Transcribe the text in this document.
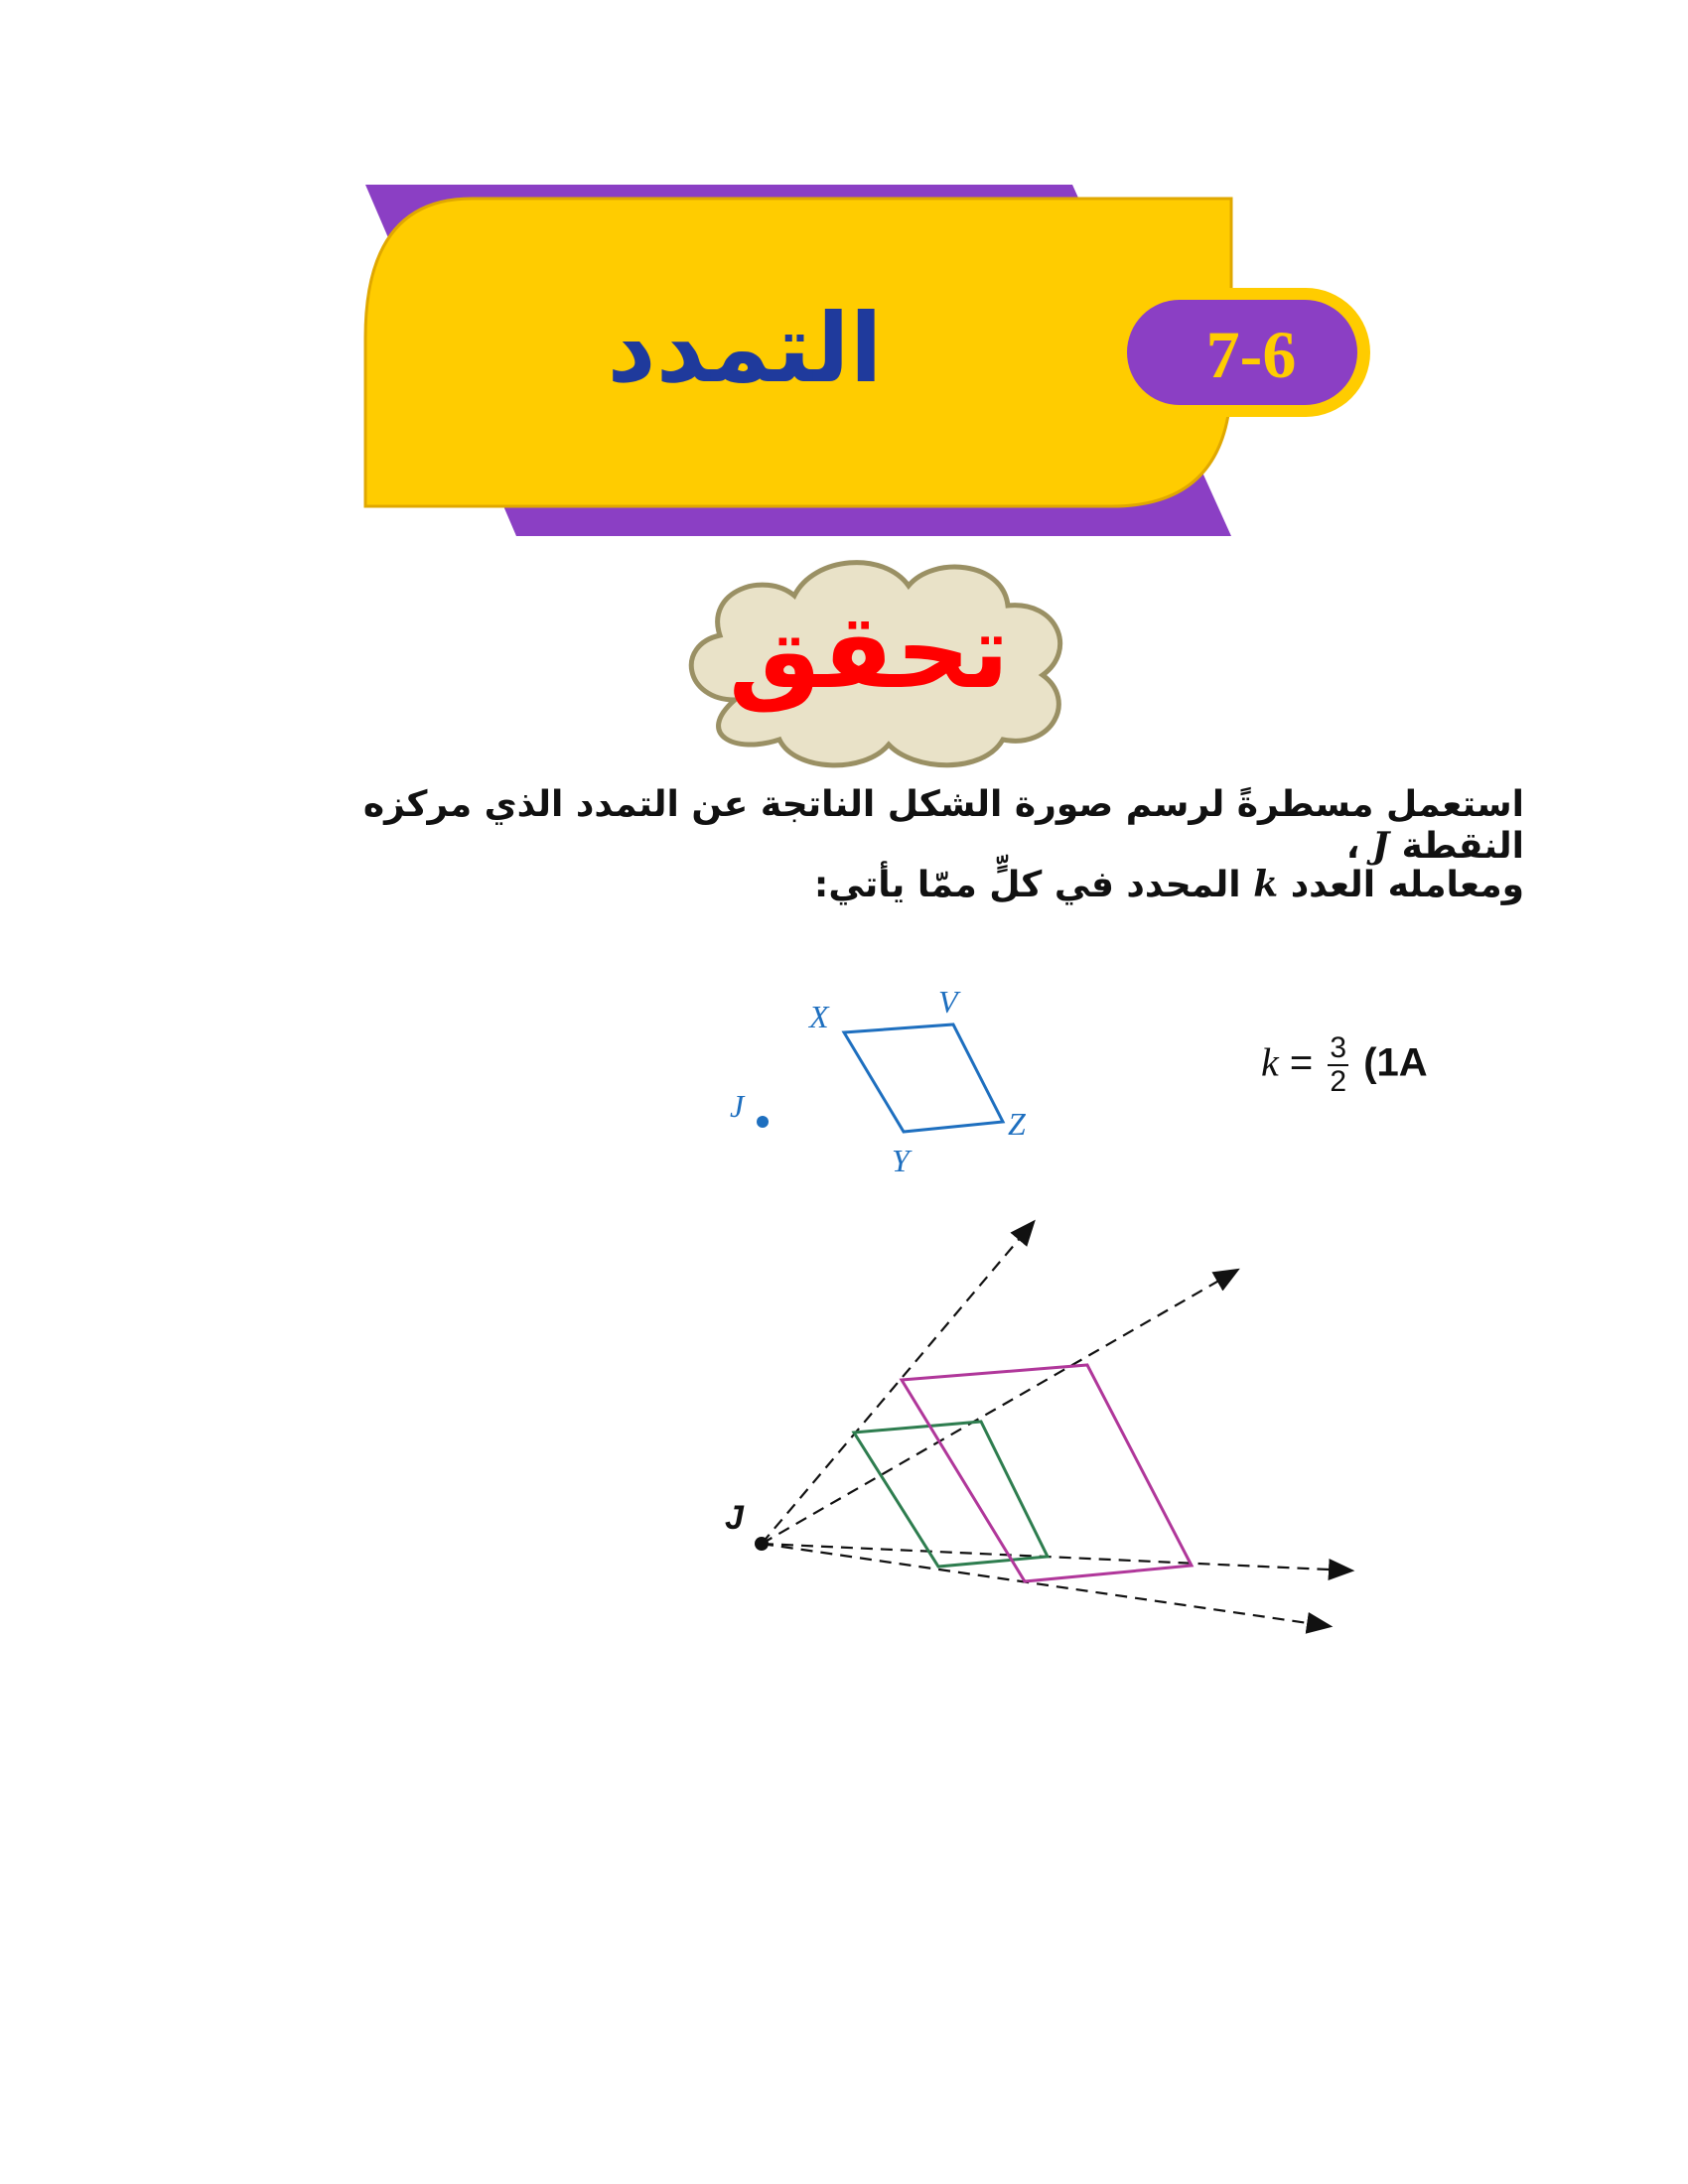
التمدد	7-6
تحقق
استعمل مسطرةً لرسم صورة الشكل الناتجة عن التمدد الذي مركزه النقطة J ،
ومعامله العدد k المحدد في كلٍّ ممّا يأتي:
$k = \frac{3}{2} (1A$
J
X	V
Z
Y
J
